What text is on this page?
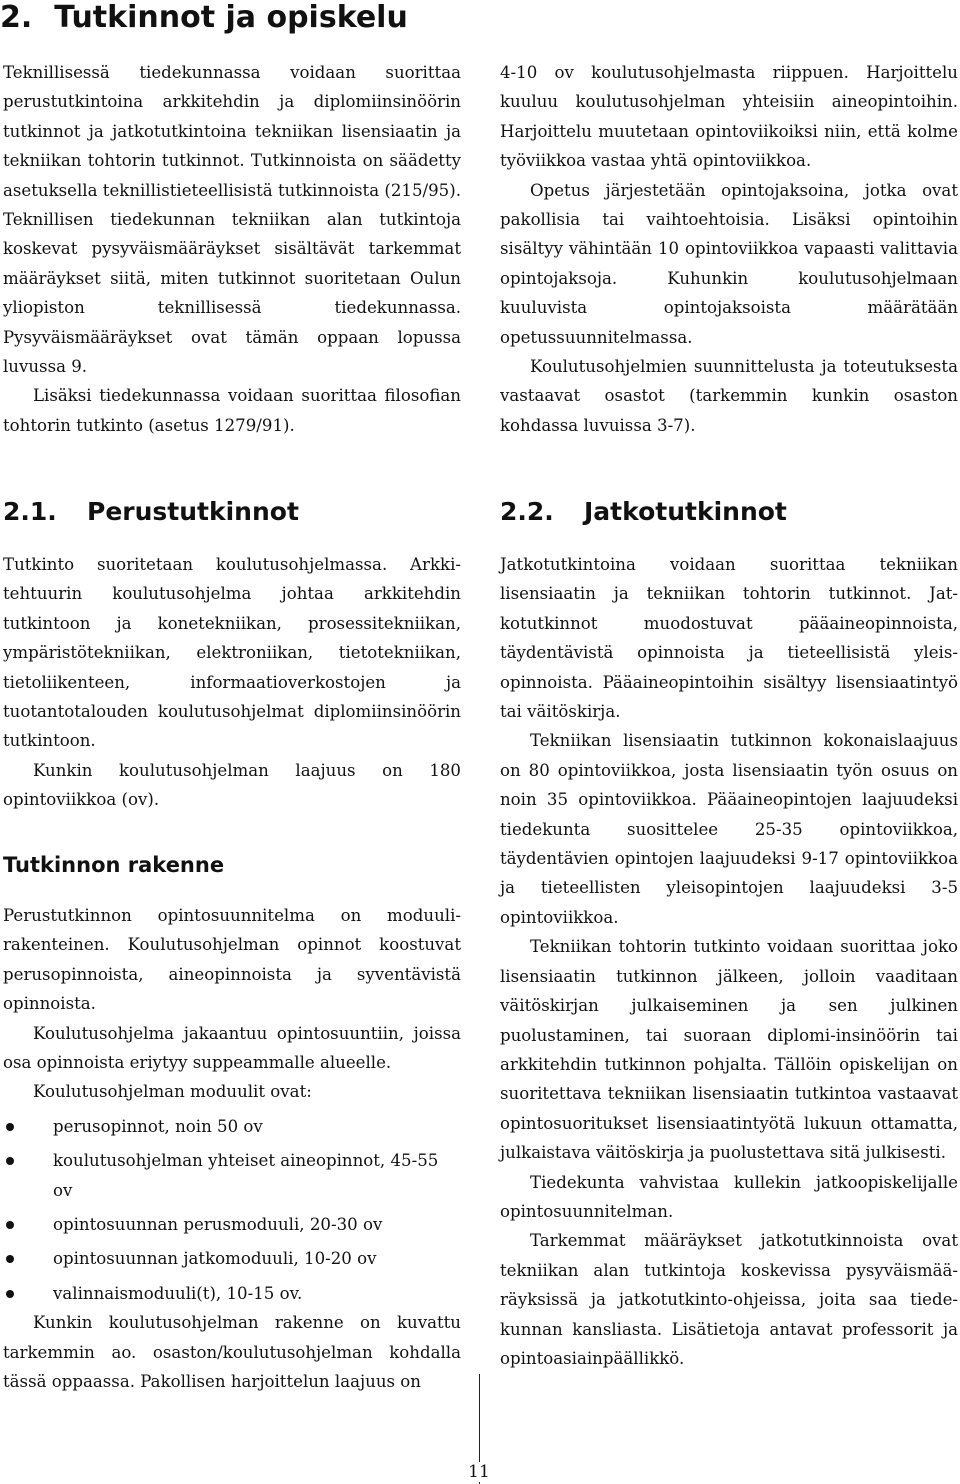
2. Tutkinnot ja opiskelu

Teknillisessä tiedekunnassa voidaan suorittaa perustutkintoina arkkitehdin ja diplomiinsinöörin tutkinnot ja jatkotutkintoina tekniikan lisensiaatin ja tekniikan tohtorin tutkinnot. Tutkinnoista on säädetty asetuksella teknillistieteellisistä tutkinnoista (215/95). Teknillisen tiedekunnan tekniikan alan tutkintoja koskevat pysyväismääräykset sisältävät tarkemmat määräykset siitä, miten tutkinnot suoritetaan Oulun yliopiston teknillisessä tiedekunnassa. Pysyväismääräykset ovat tämän oppaan lopussa luvussa 9.

Lisäksi tiedekunnassa voidaan suorittaa filosofian tohtorin tutkinto (asetus 1279/91).

4-10 ov koulutusohjelmasta riippuen. Harjoittelu kuuluu koulutusohjelman yhteisiin aineopintoihin. Harjoittelu muutetaan opintoviikoiksi niin, että kolme työviikkoa vastaa yhtä opintoviikkoa.

Opetus järjestetään opintojaksoina, jotka ovat pakollisia tai vaihtoehtoisia. Lisäksi opintoihin sisältyy vähintään 10 opintoviikkoa vapaasti valittavia opintojaksoja. Kuhunkin koulutusohjelmaan kuuluvista opintojaksoista määrätään opetussuunnitelmassa.

Koulutusohjelmien suunnittelusta ja toteutuksesta vastaavat osastot (tarkemmin kunkin osaston kohdassa luvuissa 3-7).

2.1. Perustutkinnot	2.2. Jatkotutkinnot

Tutkinto suoritetaan koulutusohjelmassa. Arkkitehtuurin koulutusohjelma johtaa arkkitehdin tutkintoon ja konetekniikan, prosessitekniikan, ympäristötekniikan, elektroniikan, tietotekniikan, tietoliikenteen, informaatioverkostojen ja tuotantotalouden koulutusohjelmat diplomiinsinöörin tutkintoon.

Kunkin koulutusohjelman laajuus on 180 opintoviikkoa (ov).

Tutkinnon rakenne

Perustutkinnon opintosuunnitelma on moduulirakenteinen. Koulutusohjelman opinnot koostuvat perusopinnoista, aineopinnoista ja syventävistä opinnoista.

Koulutusohjelma jakaantuu opintosuuntiin, joissa osa opinnoista eriytyy suppeammalle alueelle.

Koulutusohjelman moduulit ovat:

perusopinnot, noin 50 ov
koulutusohjelman yhteiset aineopinnot, 45-55 ov
opintosuunnan perusmoduuli, 20-30 ov
opintosuunnan jatkomoduuli, 10-20 ov
valinnaismoduuli(t), 10-15 ov.

Kunkin koulutusohjelman rakenne on kuvattu tarkemmin ao. osaston/koulutusohjelman kohdalla tässä oppaassa. Pakollisen harjoittelun laajuus on

Jatkotutkintoina voidaan suorittaa tekniikan lisensiaatin ja tekniikan tohtorin tutkinnot. Jatkotutkinnot muodostuvat pääaineopinnoista, täydentävistä opinnoista ja tieteellisistä yleisopinnoista. Pääaineopintoihin sisältyy lisensiaatintyö tai väitöskirja.

Tekniikan lisensiaatin tutkinnon kokonaislaajuus on 80 opintoviikkoa, josta lisensiaatin työn osuus on noin 35 opintoviikkoa. Pääaineopintojen laajuudeksi tiedekunta suosittelee 25-35 opintoviikkoa, täydentävien opintojen laajuudeksi 9-17 opintoviikkoa ja tieteellisten yleisopintojen laajuudeksi 3-5 opintoviikkoa.

Tekniikan tohtorin tutkinto voidaan suorittaa joko lisensiaatin tutkinnon jälkeen, jolloin vaaditaan väitöskirjan julkaiseminen ja sen julkinen puolustaminen, tai suoraan diplomi-insinöörin tai arkkitehdin tutkinnon pohjalta. Tällöin opiskelijan on suoritettava tekniikan lisensiaatin tutkintoa vastaavat opintosuoritukset lisensiaatintyötä lukuun ottamatta, julkaistava väitöskirja ja puolustettava sitä julkisesti.

Tiedekunta vahvistaa kullekin jatkoopiskelijalle opintosuunnitelman.

Tarkemmat määräykset jatkotutkinnoista ovat tekniikan alan tutkintoja koskevissa pysyväismääräyksissä ja jatkotutkinto-ohjeissa, joita saa tiedekunnan kansliasta. Lisätietoja antavat professorit ja opintoasiainpäällikkö.

11
